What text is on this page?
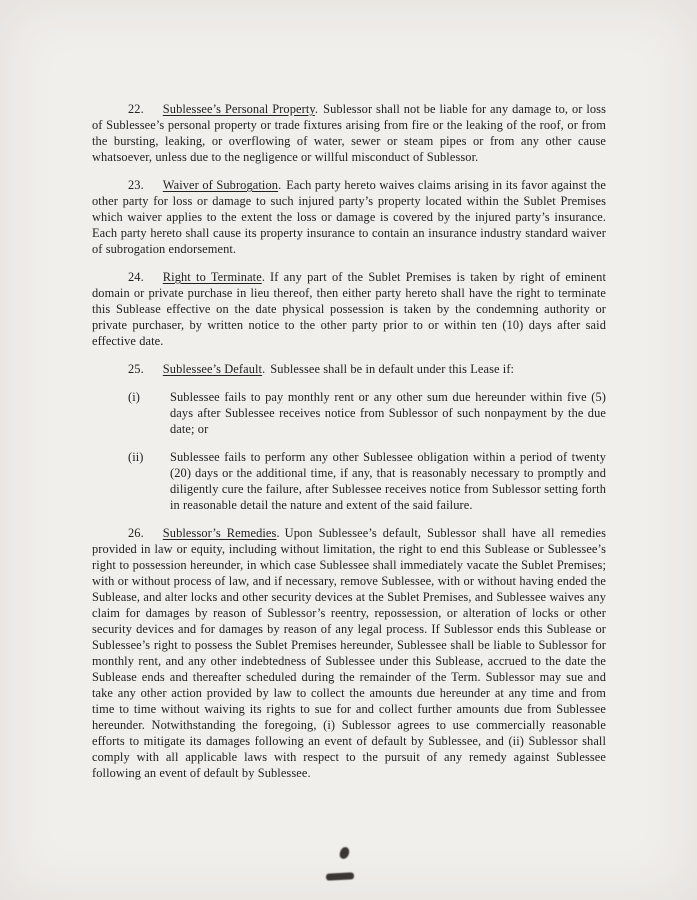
22. Sublessee’s Personal Property. Sublessor shall not be liable for any damage to, or loss of Sublessee’s personal property or trade fixtures arising from fire or the leaking of the roof, or from the bursting, leaking, or overflowing of water, sewer or steam pipes or from any other cause whatsoever, unless due to the negligence or willful misconduct of Sublessor.

23. Waiver of Subrogation. Each party hereto waives claims arising in its favor against the other party for loss or damage to such injured party’s property located within the Sublet Premises which waiver applies to the extent the loss or damage is covered by the injured party’s insurance. Each party hereto shall cause its property insurance to contain an insurance industry standard waiver of subrogation endorsement.

24. Right to Terminate. If any part of the Sublet Premises is taken by right of eminent domain or private purchase in lieu thereof, then either party hereto shall have the right to terminate this Sublease effective on the date physical possession is taken by the condemning authority or private purchaser, by written notice to the other party prior to or within ten (10) days after said effective date.

25. Sublessee’s Default. Sublessee shall be in default under this Lease if:

(i) Sublessee fails to pay monthly rent or any other sum due hereunder within five (5) days after Sublessee receives notice from Sublessor of such nonpayment by the due date; or
(ii) Sublessee fails to perform any other Sublessee obligation within a period of twenty (20) days or the additional time, if any, that is reasonably necessary to promptly and diligently cure the failure, after Sublessee receives notice from Sublessor setting forth in reasonable detail the nature and extent of the said failure.

26. Sublessor’s Remedies. Upon Sublessee’s default, Sublessor shall have all remedies provided in law or equity, including without limitation, the right to end this Sublease or Sublessee’s right to possession hereunder, in which case Sublessee shall immediately vacate the Sublet Premises; with or without process of law, and if necessary, remove Sublessee, with or without having ended the Sublease, and alter locks and other security devices at the Sublet Premises, and Sublessee waives any claim for damages by reason of Sublessor’s reentry, repossession, or alteration of locks or other security devices and for damages by reason of any legal process. If Sublessor ends this Sublease or Sublessee’s right to possess the Sublet Premises hereunder, Sublessee shall be liable to Sublessor for monthly rent, and any other indebtedness of Sublessee under this Sublease, accrued to the date the Sublease ends and thereafter scheduled during the remainder of the Term. Sublessor may sue and take any other action provided by law to collect the amounts due hereunder at any time and from time to time without waiving its rights to sue for and collect further amounts due from Sublessee hereunder. Notwithstanding the foregoing, (i) Sublessor agrees to use commercially reasonable efforts to mitigate its damages following an event of default by Sublessee, and (ii) Sublessor shall comply with all applicable laws with respect to the pursuit of any remedy against Sublessee following an event of default by Sublessee.
